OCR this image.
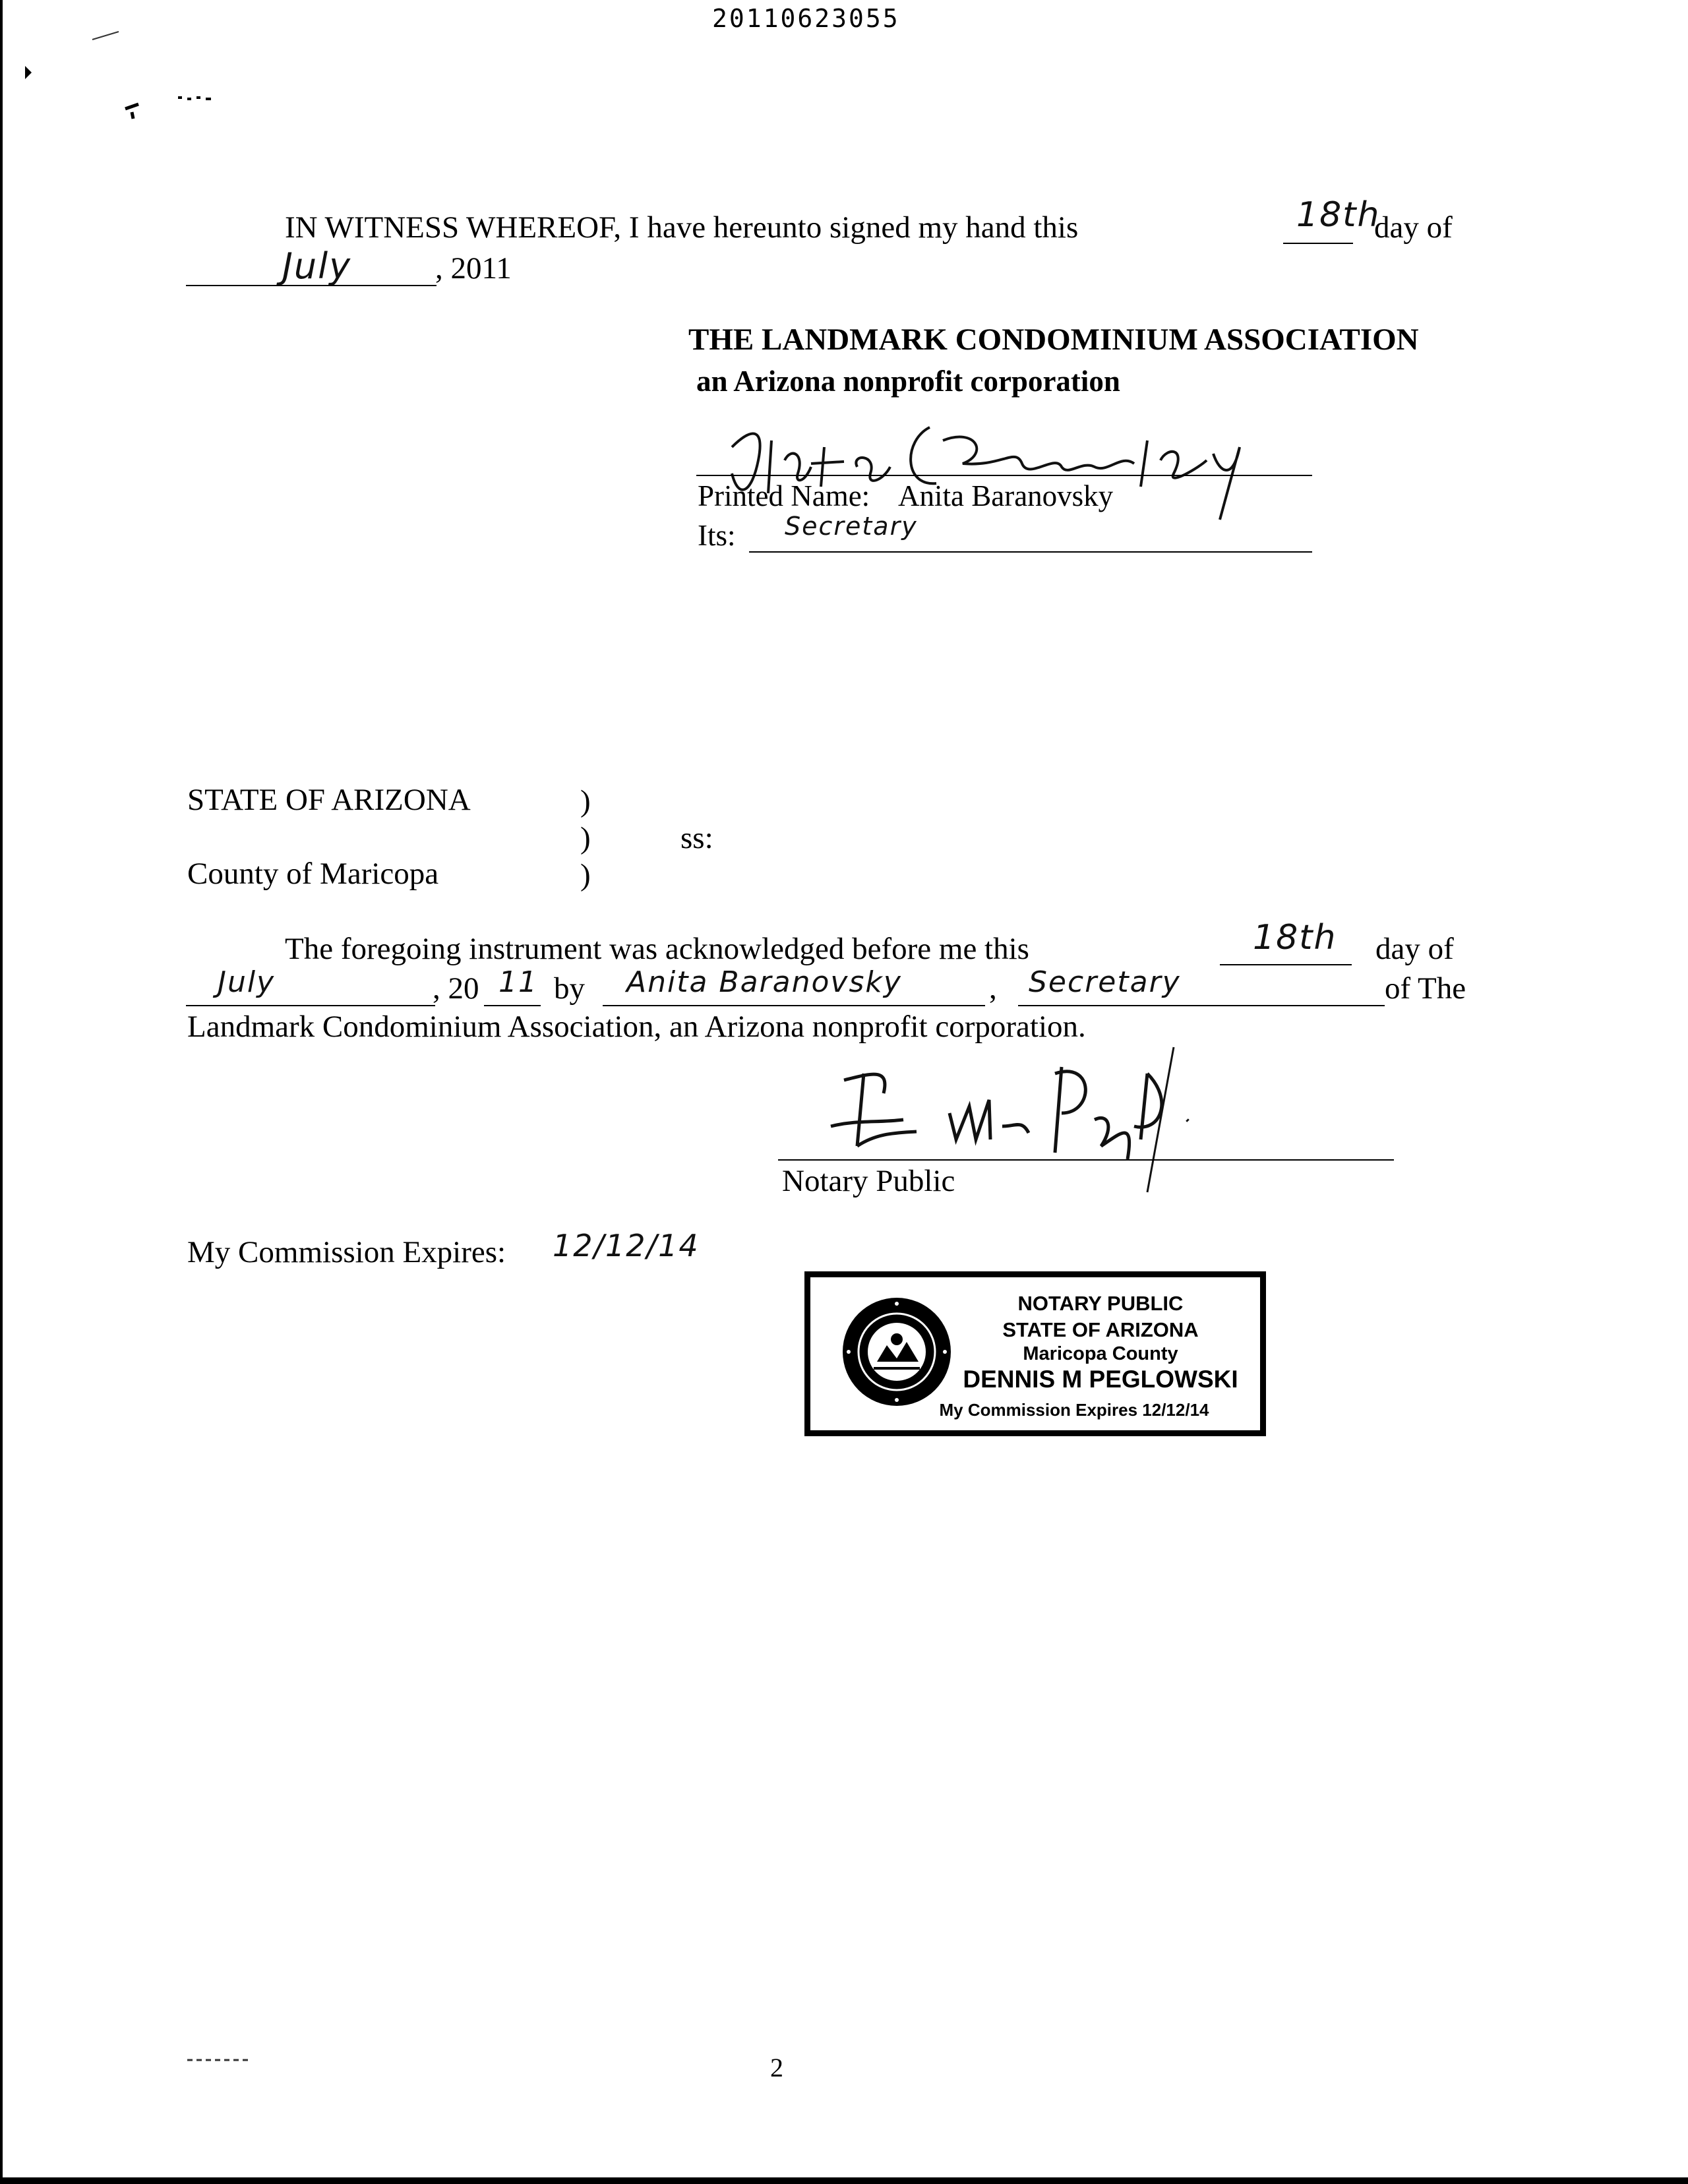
20110623055
IN WITNESS WHEREOF, I have hereunto signed my hand this	18th
day of
July	, 2011
THE LANDMARK CONDOMINIUM ASSOCIATION
an Arizona nonprofit corporation
Printed Name: Anita Baranovsky
Its: Secretary
STATE OF ARIZONA	)
)	ss:
County of Maricopa	)
The foregoing instrument was acknowledged before me this	18th day of
July	, 20 11 by Anita Baranovsky	, Secretary	of The
Landmark Condominium Association, an Arizona nonprofit corporation.
Notary Public
My Commission Expires: 12/12/14
NOTARY PUBLIC
STATE OF ARIZONA
Maricopa County
DENNIS M PEGLOWSKI
My Commission Expires 12/12/14
2
